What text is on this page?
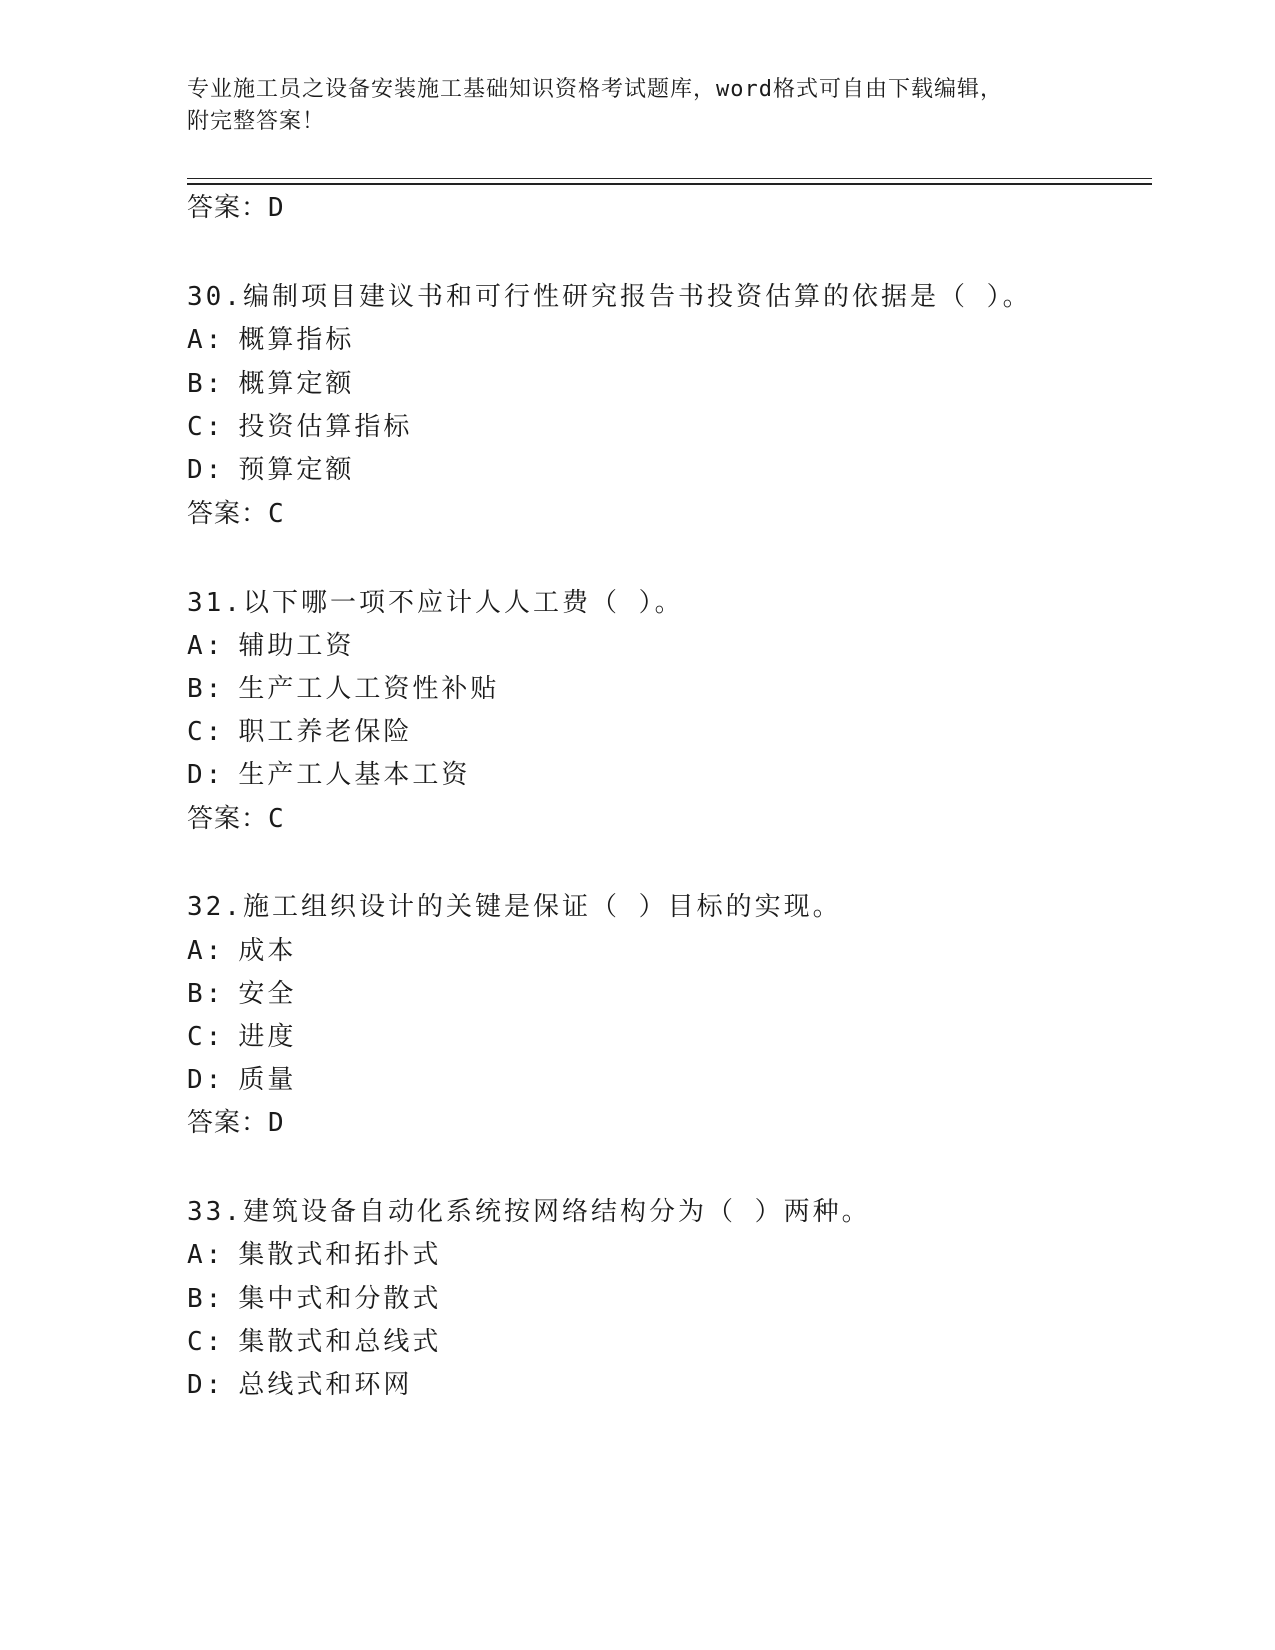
专业施工员之设备安装施工基础知识资格考试题库，word格式可自由下载编辑，
附完整答案！
答案：D
30.编制项目建议书和可行性研究报告书投资估算的依据是（ ）。
A: 概算指标
B: 概算定额
C: 投资估算指标
D: 预算定额
答案：C
31.以下哪一项不应计人人工费（ ）。
A: 辅助工资
B: 生产工人工资性补贴
C: 职工养老保险
D: 生产工人基本工资
答案：C
32.施工组织设计的关键是保证（ ）目标的实现。
A: 成本
B: 安全
C: 进度
D: 质量
答案：D
33.建筑设备自动化系统按网络结构分为（ ）两种。
A: 集散式和拓扑式
B: 集中式和分散式
C: 集散式和总线式
D: 总线式和环网
